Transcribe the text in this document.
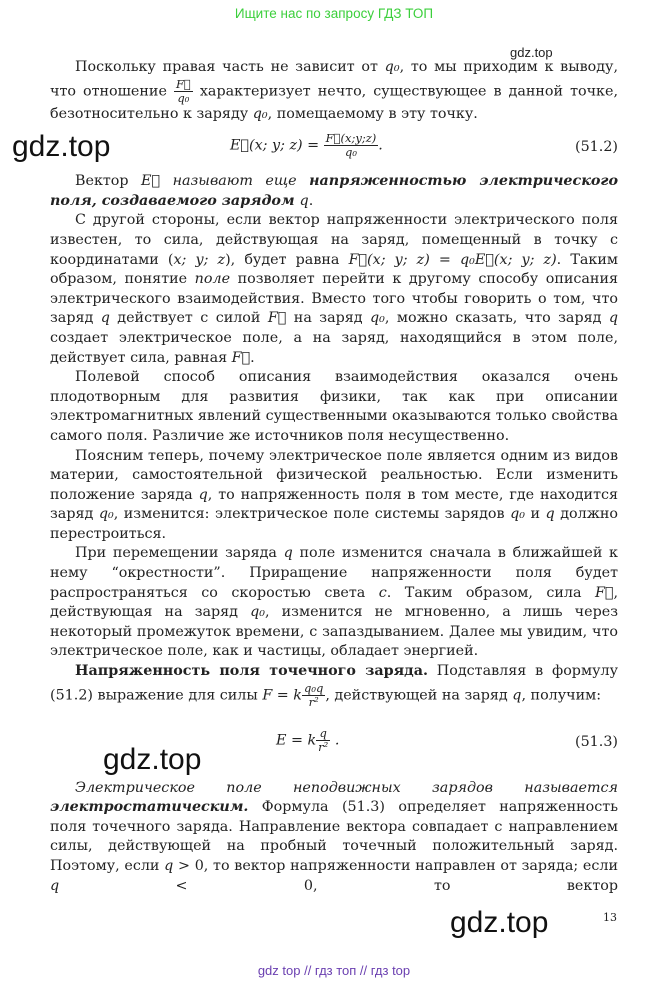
Ищите нас по запросу ГДЗ ТОП
gdz.top
gdz.top
gdz.top
gdz.top

Поскольку правая часть не зависит от q₀, то мы приходим к выводу, что отношение $\frac{F⃗}{\text{q₀}}$ характеризует нечто, существующее в данной точке, безотносительно к заряду q₀, помещаемому в эту точку.

E⃗(x; y; $z) = \frac{F⃗(x;y;z)}{\text{q₀}}$ .	(51.2)

Вектор E⃗ называют еще напряженностью электрического поля, создаваемого зарядом q.

С другой стороны, если вектор напряженности электрического поля известен, то сила, действующая на заряд, помещенный в точку с координатами (x; y; z), будет равна F⃗(x; y; z) = q₀E⃗(x; y; z). Таким образом, понятие поле позволяет перейти к другому способу описания электрического взаимодействия. Вместо того чтобы говорить о том, что заряд q действует с силой F⃗ на заряд q₀, можно сказать, что заряд q создает электрическое поле, а на заряд, находящийся в этом поле, действует сила, равная F⃗.

Полевой способ описания взаимодействия оказался очень плодотворным для развития физики, так как при описании электромагнитных явлений существенными оказываются только свойства самого поля. Различие же источников поля несущественно.

Поясним теперь, почему электрическое поле является одним из видов материи, самостоятельной физической реальностью. Если изменить положение заряда q, то напряженность поля в том месте, где находится заряд q₀, изменится: электрическое поле системы зарядов q₀ и q должно перестроиться.

При перемещении заряда q поле изменится сначала в ближайшей к нему “окрестности”. Приращение напряженности поля будет распространяться со скоростью света c. Таким образом, сила F⃗, действующая на заряд q₀, изменится не мгновенно, а лишь через некоторый промежуток времени, с запаздыванием. Далее мы увидим, что электрическое поле, как и частицы, обладает энергией.

Напряженность поля точечного заряда. Подставляя в формулу (51.2) выражение для силы F = k $\frac{\text{q₀q}}{\text{r²}}$ , действующей на заряд q, получим:

E = k $\frac{q}{\text{r²}}$ .	(51.3)

Электрическое поле неподвижных зарядов называется электростатическим. Формула (51.3) определяет напряженность поля точечного заряда. Направление вектора совпадает с направлением силы, действующей на пробный точечный положительный заряд. Поэтому, если q > 0, то вектор напряженности направлен от заряда; если q < 0, то вектор

13
gdz top // гдз топ // гдз top
